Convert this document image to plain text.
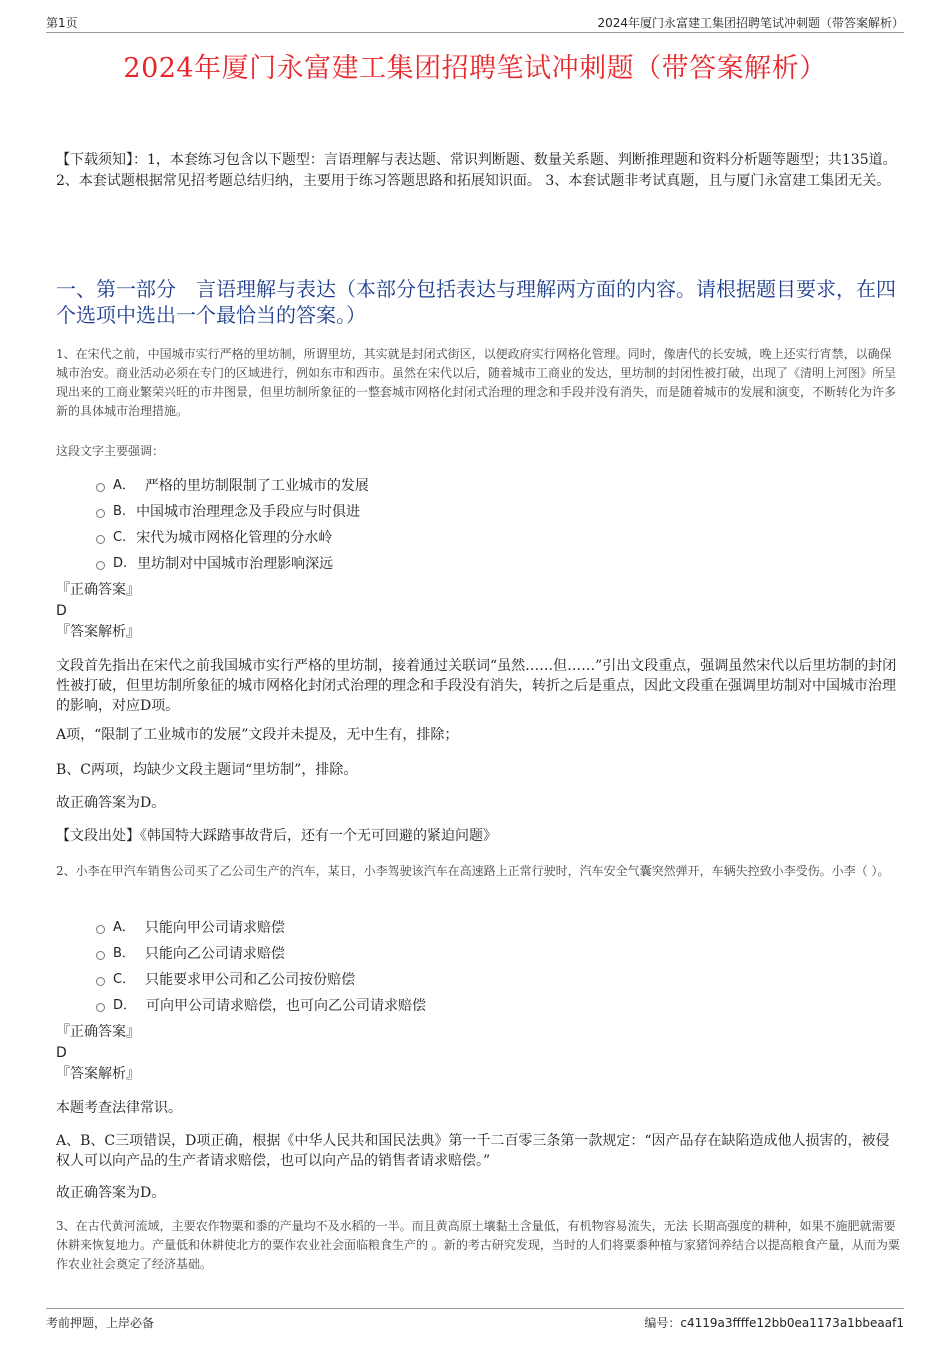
第1页	2024年厦门永富建工集团招聘笔试冲刺题（带答案解析）
2024年厦门永富建工集团招聘笔试冲刺题（带答案解析）
【下载须知】：1，本套练习包含以下题型：言语理解与表达题、常识判断题、数量关系题、判断推理题和资料分析题等题型；共135道。 2、本套试题根据常见招考题总结归纳，主要用于练习答题思路和拓展知识面。 3、本套试题非考试真题，且与厦门永富建工集团无关。
一、第一部分　言语理解与表达（本部分包括表达与理解两方面的内容。请根据题目要求，在四个选项中选出一个最恰当的答案。）
1、在宋代之前，中国城市实行严格的里坊制，所谓里坊，其实就是封闭式街区，以便政府实行网格化管理。同时，像唐代的长安城，晚上还实行宵禁，以确保城市治安。商业活动必须在专门的区域进行，例如东市和西市。虽然在宋代以后，随着城市工商业的发达，里坊制的封闭性被打破，出现了《清明上河图》所呈现出来的工商业繁荣兴旺的市井图景，但里坊制所象征的一整套城市网格化封闭式治理的理念和手段并没有消失，而是随着城市的发展和演变，不断转化为许多新的具体城市治理措施。
这段文字主要强调：
A． 严格的里坊制限制了工业城市的发展
B. 中国城市治理理念及手段应与时俱进
C. 宋代为城市网格化管理的分水岭
D. 里坊制对中国城市治理影响深远
『正确答案』
D
『答案解析』
文段首先指出在宋代之前我国城市实行严格的里坊制，接着通过关联词“虽然……但……”引出文段重点，强调虽然宋代以后里坊制的封闭性被打破，但里坊制所象征的城市网格化封闭式治理的理念和手段没有消失，转折之后是重点，因此文段重在强调里坊制对中国城市治理的影响，对应D项。
A项，“限制了工业城市的发展”文段并未提及，无中生有，排除；
B、C两项，均缺少文段主题词“里坊制”，排除。
故正确答案为D。
【文段出处】《韩国特大踩踏事故背后，还有一个无可回避的紧迫问题》
2、小李在甲汽车销售公司买了乙公司生产的汽车，某日，小李驾驶该汽车在高速路上正常行驶时，汽车安全气囊突然弹开，车辆失控致小李受伤。小李（ ）。
A． 只能向甲公司请求赔偿
B． 只能向乙公司请求赔偿
C． 只能要求甲公司和乙公司按份赔偿
D． 可向甲公司请求赔偿，也可向乙公司请求赔偿
『正确答案』
D
『答案解析』
本题考查法律常识。
A、B、C三项错误，D项正确，根据《中华人民共和国民法典》第一千二百零三条第一款规定：“因产品存在缺陷造成他人损害的，被侵权人可以向产品的生产者请求赔偿，也可以向产品的销售者请求赔偿。”
故正确答案为D。
3、在古代黄河流域，主要农作物粟和黍的产量均不及水稻的一半。而且黄高原土壤黏土含量低，有机物容易流失，无法 长期高强度的耕种，如果不施肥就需要休耕来恢复地力。产量低和休耕使北方的粟作农业社会面临粮食生产的 。新的考古研究发现，当时的人们将粟黍种植与家猪饲养结合以提高粮食产量，从而为粟作农业社会奠定了经济基础。
考前押题，上岸必备	编号：c4119a3ffffe12bb0ea1173a1bbeaaf1
